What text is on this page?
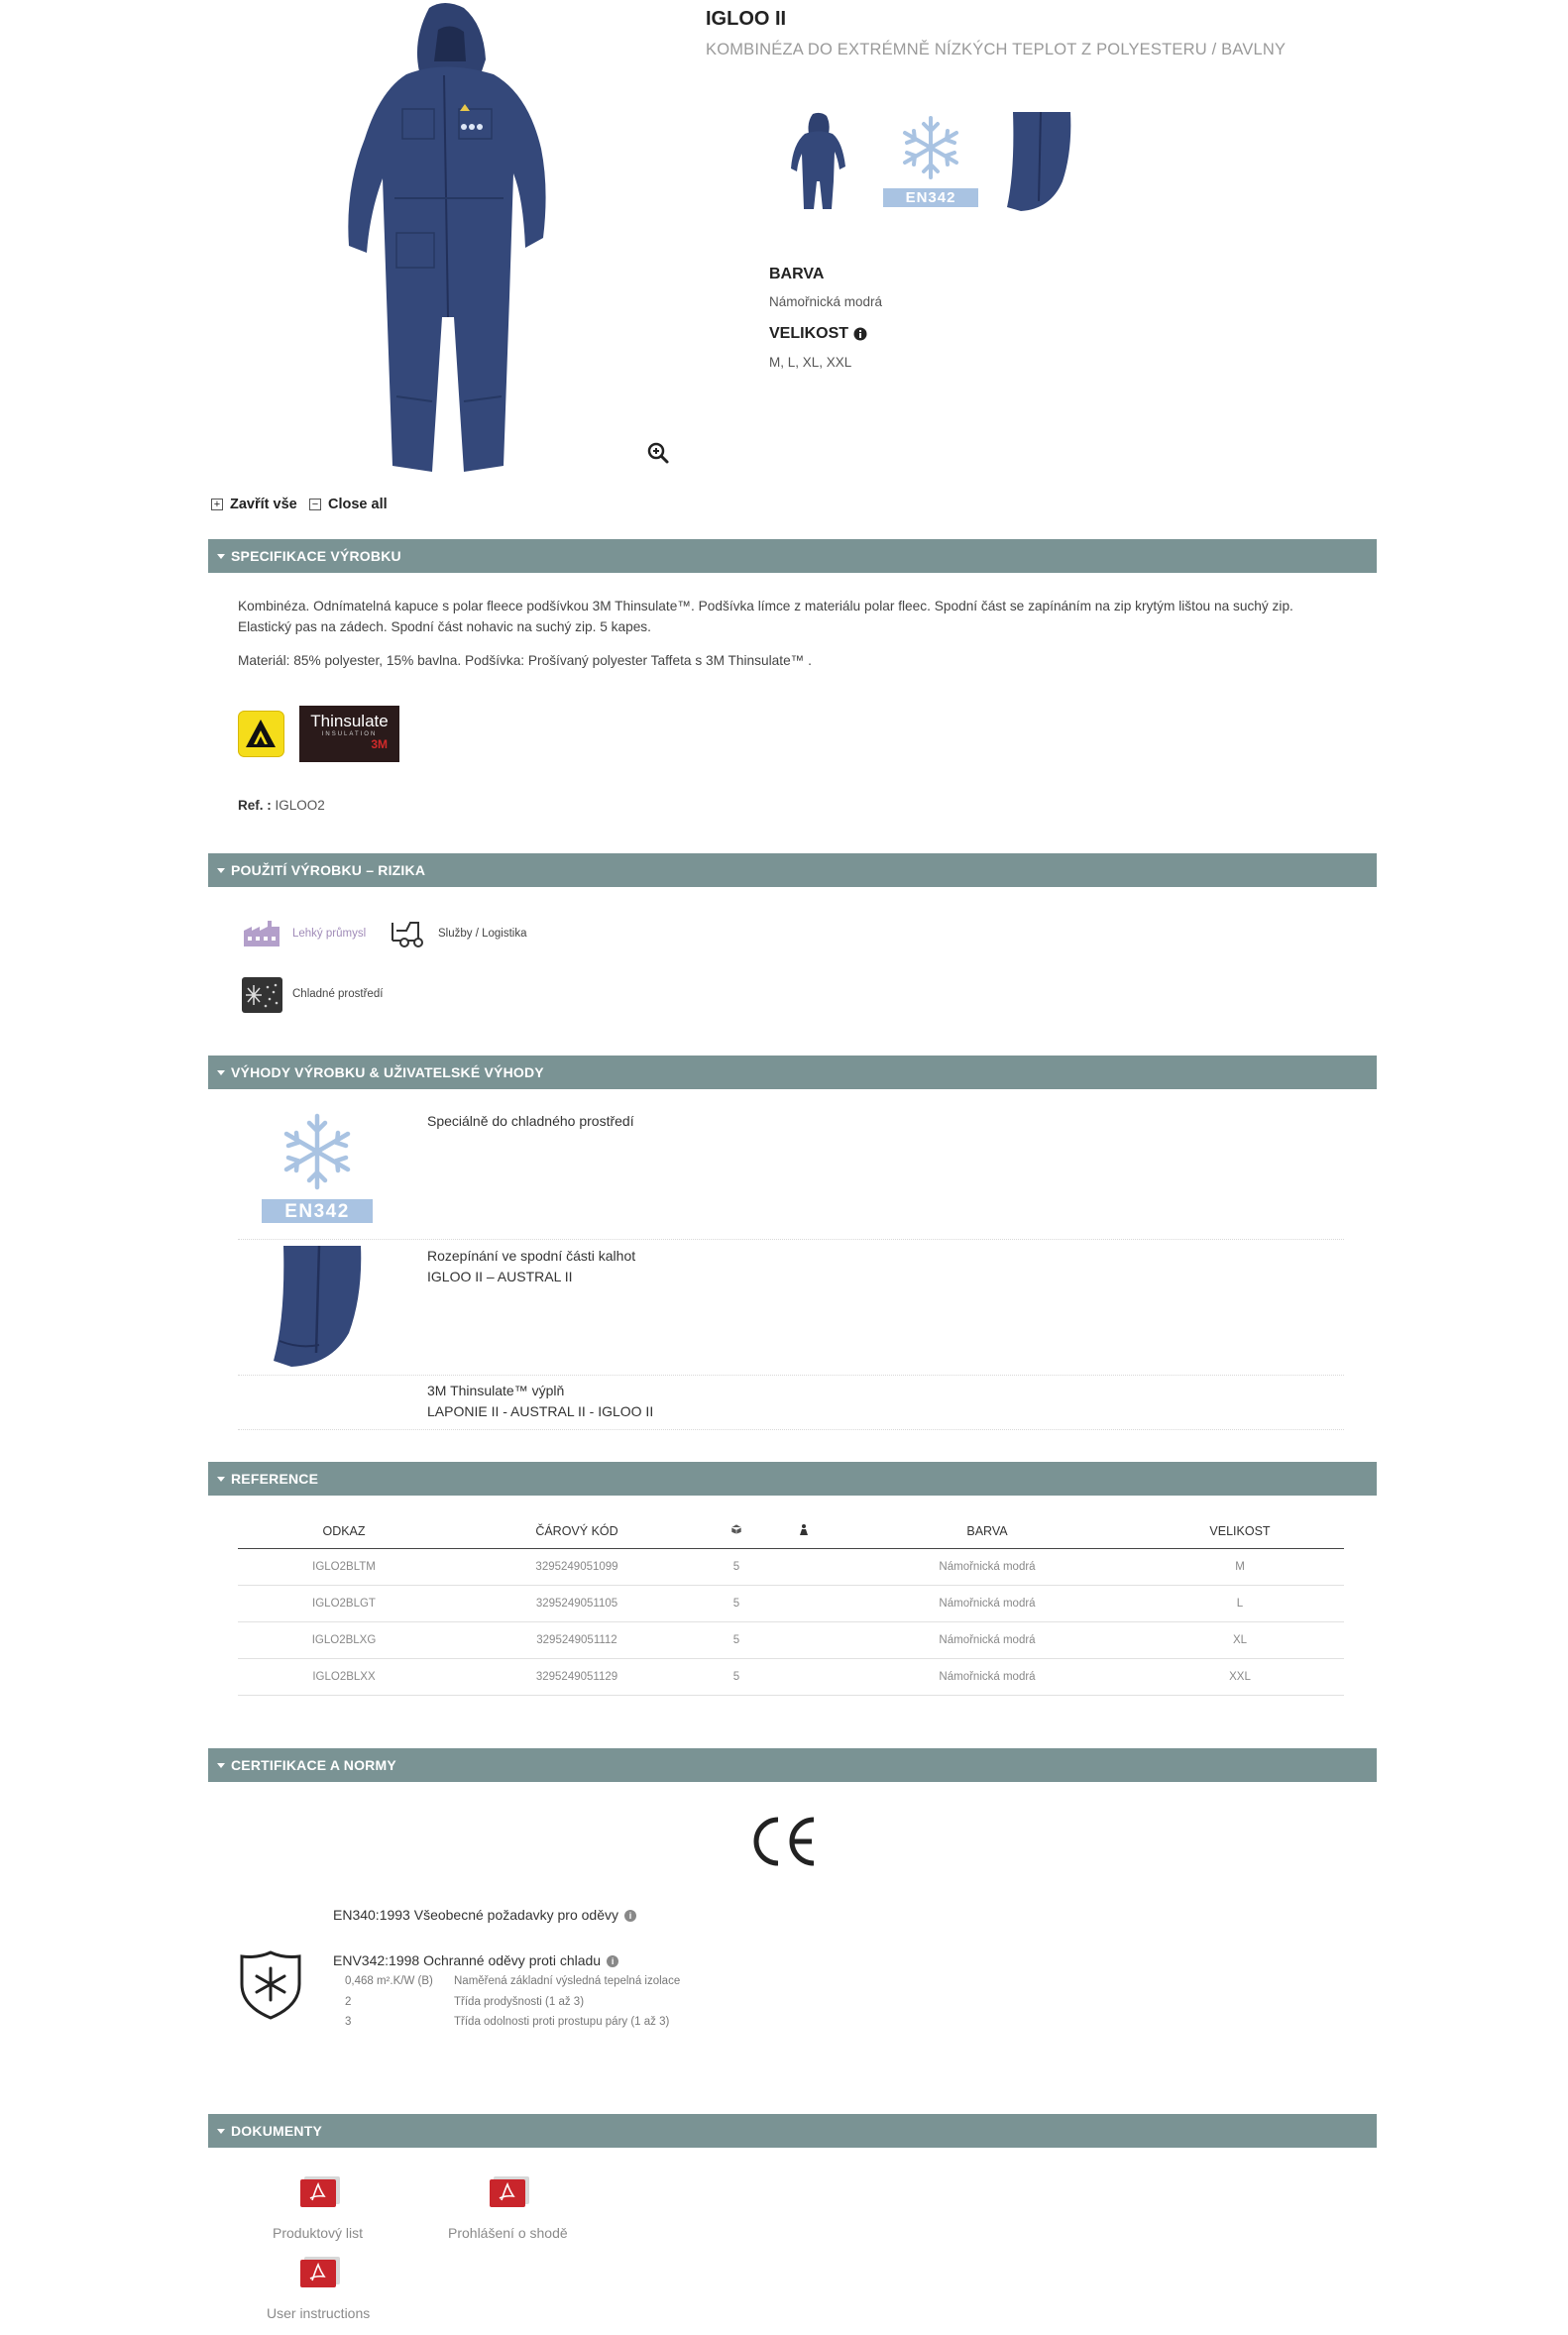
IGLOO II
KOMBINÉZA DO EXTRÉMNĚ NÍZKÝCH TEPLOT Z POLYESTERU / BAVLNY
EN342
BARVA
Námořnická modrá
VELIKOST
M, L, XL, XXL
+ Zavřít vše − Close all
SPECIFIKACE VÝROBKU
Kombinéza. Odnímatelná kapuce s polar fleece podšívkou 3M Thinsulate™. Podšívka límce z materiálu polar fleec. Spodní část se zapínáním na zip krytým lištou na suchý zip.
Elastický pas na zádech. Spodní část nohavic na suchý zip. 5 kapes.
Materiál: 85% polyester, 15% bavlna. Podšívka: Prošívaný polyester Taffeta s 3M Thinsulate™ .
Thinsulate
INSULATION
3M
Ref. : IGLOO2
POUŽITÍ VÝROBKU – RIZIKA
Lehký průmysl	Služby / Logistika
Chladné prostředí
VÝHODY VÝROBKU & UŽIVATELSKÉ VÝHODY
EN342
Speciálně do chladného prostředí
Rozepínání ve spodní části kalhot
IGLOO II – AUSTRAL II
3M Thinsulate™ výplň
LAPONIE II - AUSTRAL II - IGLOO II
REFERENCE
ODKAZ	ČÁROVÝ KÓD			BARVA	VELIKOST
IGLO2BLTM	3295249051099	5		Námořnická modrá	M
IGLO2BLGT	3295249051105	5		Námořnická modrá	L
IGLO2BLXG	3295249051112	5		Námořnická modrá	XL
IGLO2BLXX	3295249051129	5		Námořnická modrá	XXL
CERTIFIKACE A NORMY
EN340:1993 Všeobecné požadavky pro oděvy i
ENV342:1998 Ochranné oděvy proti chladu i
0,468 m².K/W (B) Naměřená základní výsledná tepelná izolace
2	Třída prodyšnosti (1 až 3)
3	Třída odolnosti proti prostupu páry (1 až 3)
DOKUMENTY
Produktový list	Prohlášení o shodě
User instructions
